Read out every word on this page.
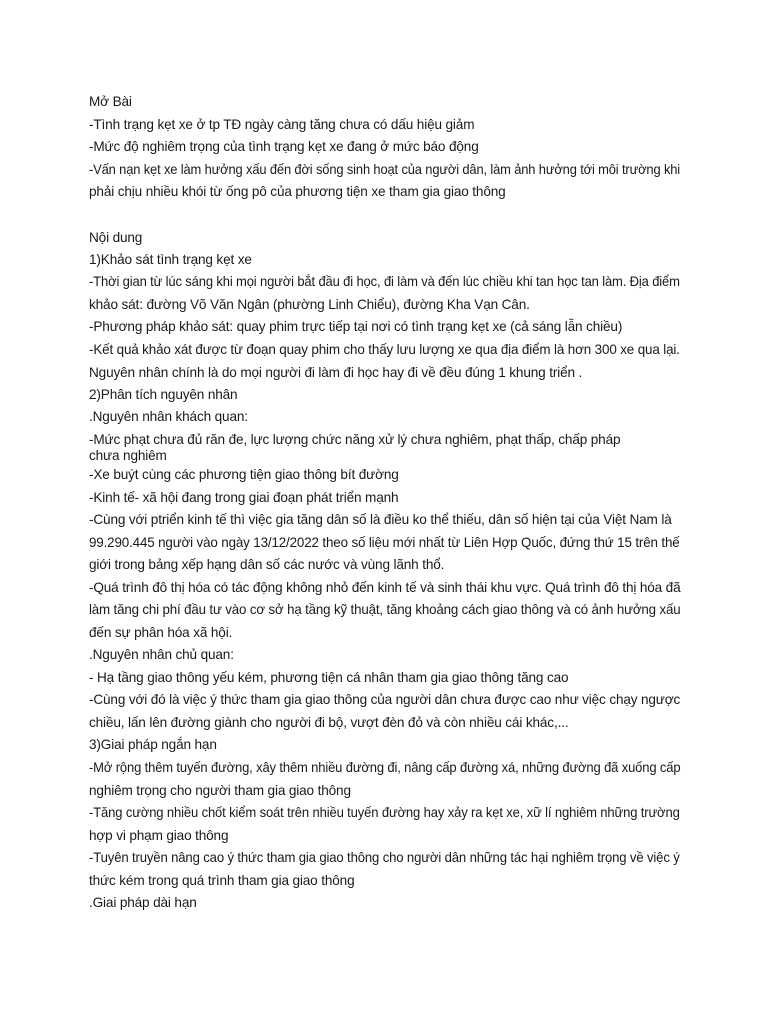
Mở Bài
-Tình trạng kẹt xe ở tp TĐ ngày càng tăng chưa có dấu hiệu giảm
-Mức độ nghiêm trọng của tình trạng kẹt xe đang ở mức báo động
-Vấn nạn kẹt xe làm hưởng xấu đến đời sống sinh hoạt của người dân, làm ảnh hưởng tới môi trường khi
phải chịu nhiều khói từ ống pô của phương tiện xe tham gia giao thông
Nội dung
1)Khảo sát tình trạng kẹt xe
-Thời gian từ lúc sáng khi mọi người bắt đầu đi học, đi làm và đến lúc chiều khi tan học tan làm. Địa điểm
khảo sát: đường Võ Văn Ngân (phường Linh Chiểu), đường Kha Vạn Cân.
-Phương pháp khảo sát: quay phim trực tiếp tại nơi có tình trạng kẹt xe (cả sáng lẫn chiều)
-Kết quả khảo xát được từ đoạn quay phim cho thấy lưu lượng xe qua địa điểm là hơn 300 xe qua lại.
Nguyên nhân chính là do mọi người đi làm đi học hay đi về đều đúng 1 khung triển .
2)Phân tích nguyên nhân
.Nguyên nhân khách quan:
-Mức phạt chưa đủ răn đe, lực lượng chức năng xử lý chưa nghiêm, phạt thấp, chấp pháp
chưa nghiêm
-Xe buýt cùng các phương tiện giao thông bít đường
-Kinh tế- xã hội đang trong giai đoạn phát triển mạnh
-Cùng với ptriển kinh tế thì việc gia tăng dân số là điều ko thể thiếu, dân số hiện tại của Việt Nam là
99.290.445 người vào ngày 13/12/2022 theo số liệu mới nhất từ Liên Hợp Quốc, đứng thứ 15 trên thế
giới trong bảng xếp hạng dân số các nước và vùng lãnh thổ.
-Quá trình đô thị hóa có tác động không nhỏ đến kinh tế và sinh thái khu vực. Quá trình đô thị hóa đã
làm tăng chi phí đầu tư vào cơ sở hạ tầng kỹ thuật, tăng khoảng cách giao thông và có ảnh hưởng xấu
đến sự phân hóa xã hội.
.Nguyên nhân chủ quan:
- Hạ tầng giao thông yếu kém, phương tiện cá nhân tham gia giao thông tăng cao
-Cùng với đó là việc ý thức tham gia giao thông của người dân chưa được cao như việc chạy ngược
chiều, lấn lên đường giành cho người đi bộ, vượt đèn đỏ và còn nhiều cái khác,...
3)Giai pháp ngắn hạn
-Mở rộng thêm tuyến đường, xây thêm nhiều đường đi, nâng cấp đường xá, những đường đã xuống cấp
nghiêm trọng cho người tham gia giao thông
-Tăng cường nhiều chốt kiểm soát trên nhiều tuyến đường hay xảy ra kẹt xe, xữ lí nghiêm những trường
hợp vi phạm giao thông
-Tuyên truyền nâng cao ý thức tham gia giao thông cho người dân những tác hại nghiêm trọng về việc ý
thức kém trong quá trình tham gia giao thông
.Giai pháp dài hạn
